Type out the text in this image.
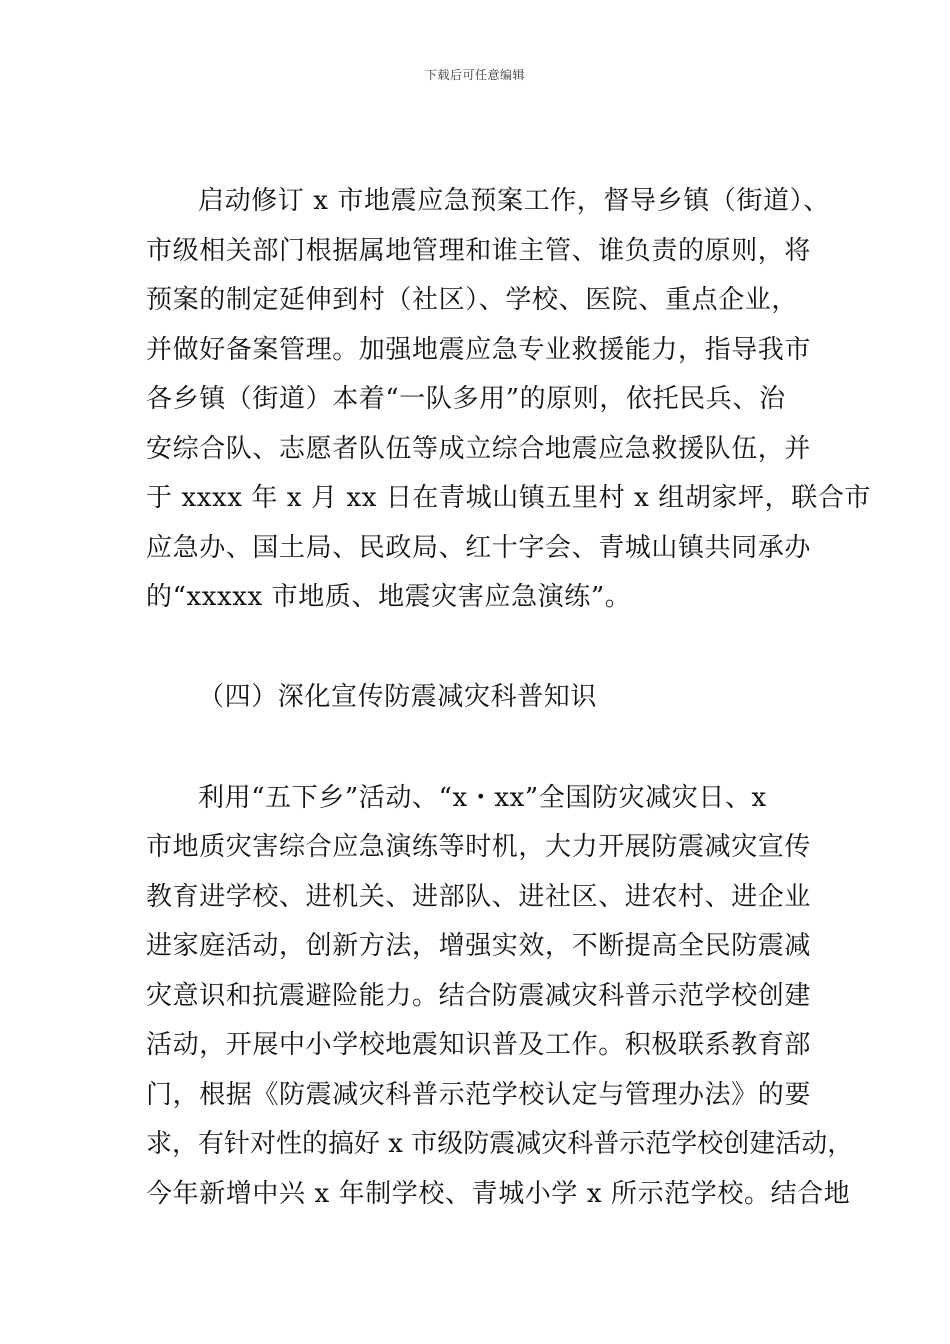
下载后可任意编辑
启动修订 x 市地震应急预案工作，督导乡镇（街道）、
市级相关部门根据属地管理和谁主管、谁负责的原则，将
预案的制定延伸到村（社区）、学校、医院、重点企业，
并做好备案管理。加强地震应急专业救援能力，指导我市
各乡镇（街道）本着“一队多用”的原则，依托民兵、治
安综合队、志愿者队伍等成立综合地震应急救援队伍，并
于 xxxx 年 x 月 xx 日在青城山镇五里村 x 组胡家坪，联合市
应急办、国土局、民政局、红十字会、青城山镇共同承办
的“xxxxx 市地质、地震灾害应急演练”。
（四）深化宣传防震减灾科普知识
利用“五下乡”活动、“x・xx”全国防灾减灾日、x
市地质灾害综合应急演练等时机，大力开展防震减灾宣传
教育进学校、进机关、进部队、进社区、进农村、进企业
进家庭活动，创新方法，增强实效，不断提高全民防震减
灾意识和抗震避险能力。结合防震减灾科普示范学校创建
活动，开展中小学校地震知识普及工作。积极联系教育部
门，根据《防震减灾科普示范学校认定与管理办法》的要
求，有针对性的搞好 x 市级防震减灾科普示范学校创建活动，
今年新增中兴 x 年制学校、青城小学 x 所示范学校。结合地
